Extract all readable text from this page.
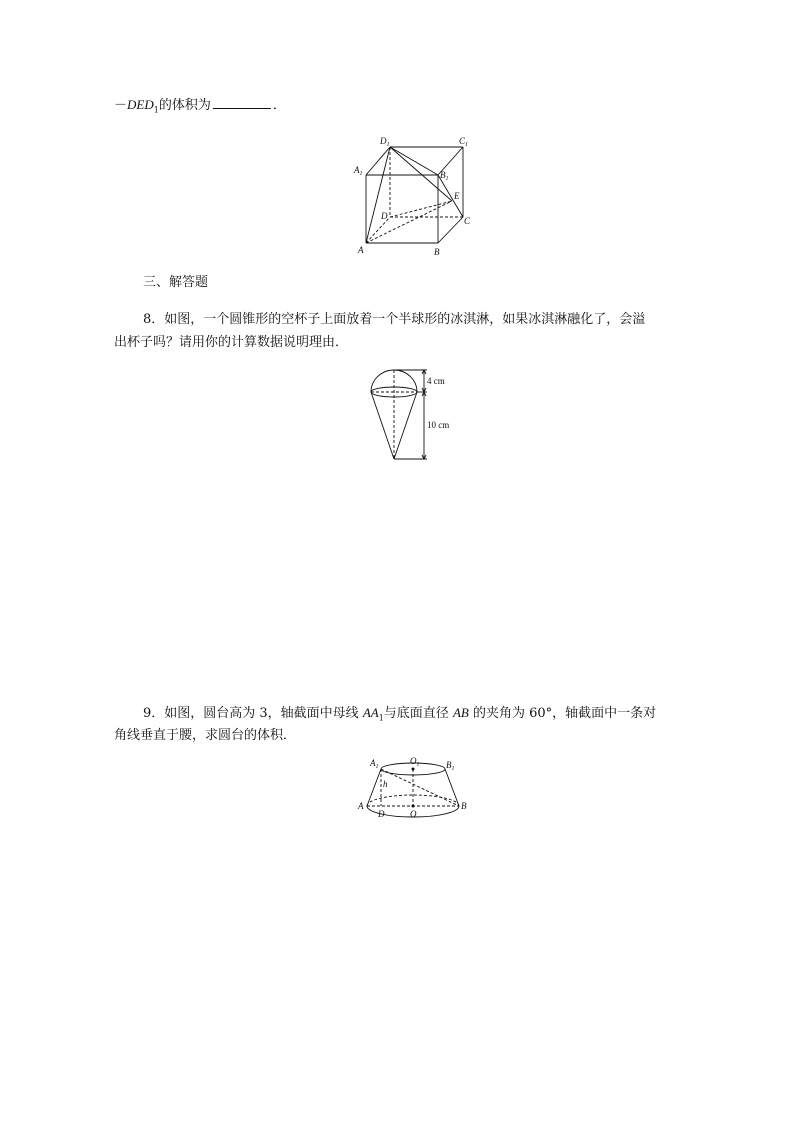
$-DED_1$的体积为	．
$D_1$	$C_1$
$A_1$	$B_1$
E
D	C
A	B
三、解答题
8．如图，一个圆锥形的空杯子上面放着一个半球形的冰淇淋，如果冰淇淋融化了，会溢
出杯子吗？请用你的计算数据说明理由．
4 cm
10 cm
9．如图，圆台高为 3，轴截面中母线 $AA_1$与底面直径 AB 的夹角为 60°，轴截面中一条对
角线垂直于腰，求圆台的体积．
$A_1$
$O_1$	$B_1$
h
A
D	O
B
